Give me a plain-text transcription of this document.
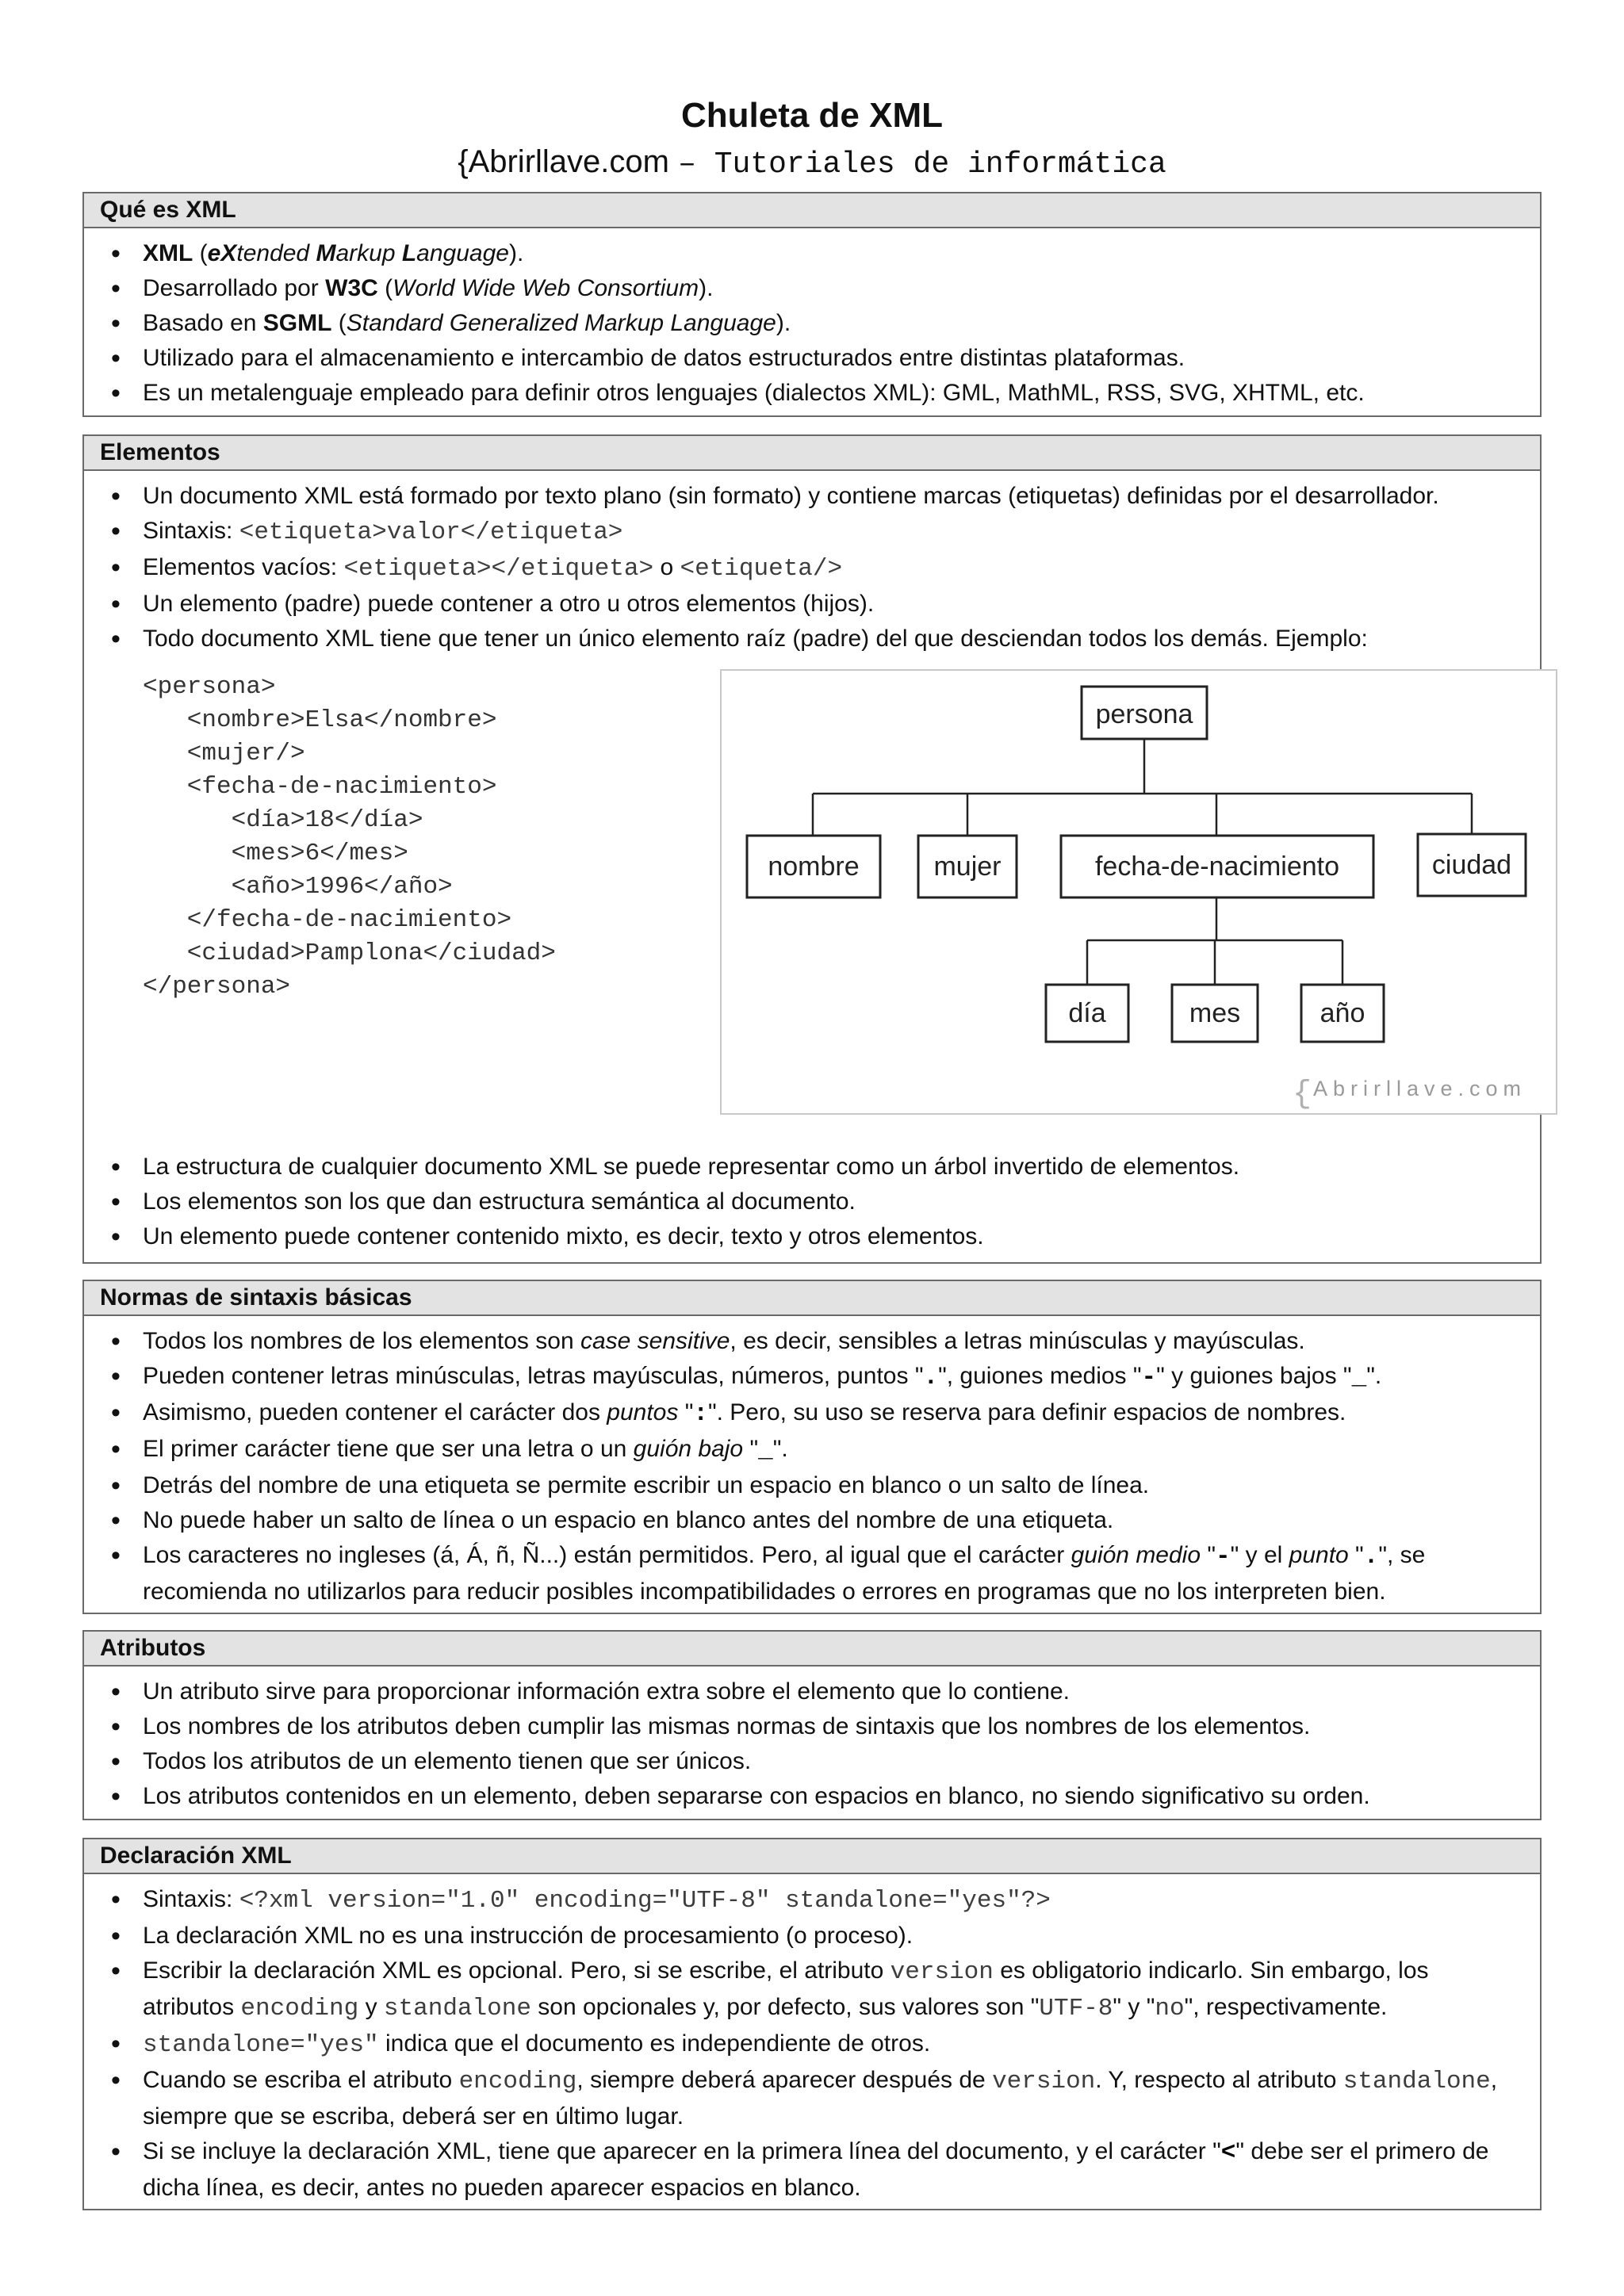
Chuleta de XML
{Abrirllave.com – Tutoriales de informática
Qué es XML
• XML (eXtended Markup Language).
• Desarrollado por W3C (World Wide Web Consortium).
• Basado en SGML (Standard Generalized Markup Language).
• Utilizado para el almacenamiento e intercambio de datos estructurados entre distintas plataformas.
• Es un metalenguaje empleado para definir otros lenguajes (dialectos XML): GML, MathML, RSS, SVG, XHTML, etc.
Elementos
• Un documento XML está formado por texto plano (sin formato) y contiene marcas (etiquetas) definidas por el desarrollador.
• Sintaxis: <etiqueta>valor</etiqueta>
• Elementos vacíos: <etiqueta></etiqueta> o <etiqueta/>
• Un elemento (padre) puede contener a otro u otros elementos (hijos).
• Todo documento XML tiene que tener un único elemento raíz (padre) del que desciendan todos los demás. Ejemplo:
<persona>
<nombre>Elsa</nombre>
<mujer/>
<fecha-de-nacimiento>
<día>18</día>
<mes>6</mes>
<año>1996</año>
</fecha-de-nacimiento>
<ciudad>Pamplona</ciudad>
</persona>
persona
nombre	mujer	fecha-de-nacimiento	ciudad
día	mes	año
{ Abrirllave.com
• La estructura de cualquier documento XML se puede representar como un árbol invertido de elementos.
• Los elementos son los que dan estructura semántica al documento.
• Un elemento puede contener contenido mixto, es decir, texto y otros elementos.
Normas de sintaxis básicas
• Todos los nombres de los elementos son case sensitive, es decir, sensibles a letras minúsculas y mayúsculas.
• Pueden contener letras minúsculas, letras mayúsculas, números, puntos ".", guiones medios "-" y guiones bajos "_".
• Asimismo, pueden contener el carácter dos puntos ":". Pero, su uso se reserva para definir espacios de nombres.
• El primer carácter tiene que ser una letra o un guión bajo "_".
• Detrás del nombre de una etiqueta se permite escribir un espacio en blanco o un salto de línea.
• No puede haber un salto de línea o un espacio en blanco antes del nombre de una etiqueta.
• Los caracteres no ingleses (á, Á, ñ, Ñ...) están permitidos. Pero, al igual que el carácter guión medio "-" y el punto ".", se recomienda no utilizarlos para reducir posibles incompatibilidades o errores en programas que no los interpreten bien.
Atributos
• Un atributo sirve para proporcionar información extra sobre el elemento que lo contiene.
• Los nombres de los atributos deben cumplir las mismas normas de sintaxis que los nombres de los elementos.
• Todos los atributos de un elemento tienen que ser únicos.
• Los atributos contenidos en un elemento, deben separarse con espacios en blanco, no siendo significativo su orden.
Declaración XML
• Sintaxis: <?xml version="1.0" encoding="UTF-8" standalone="yes"?>
• La declaración XML no es una instrucción de procesamiento (o proceso).
• Escribir la declaración XML es opcional. Pero, si se escribe, el atributo version es obligatorio indicarlo. Sin embargo, los atributos encoding y standalone son opcionales y, por defecto, sus valores son "UTF-8" y "no", respectivamente.
• standalone="yes" indica que el documento es independiente de otros.
• Cuando se escriba el atributo encoding, siempre deberá aparecer después de version. Y, respecto al atributo standalone, siempre que se escriba, deberá ser en último lugar.
• Si se incluye la declaración XML, tiene que aparecer en la primera línea del documento, y el carácter "<" debe ser el primero de dicha línea, es decir, antes no pueden aparecer espacios en blanco.
